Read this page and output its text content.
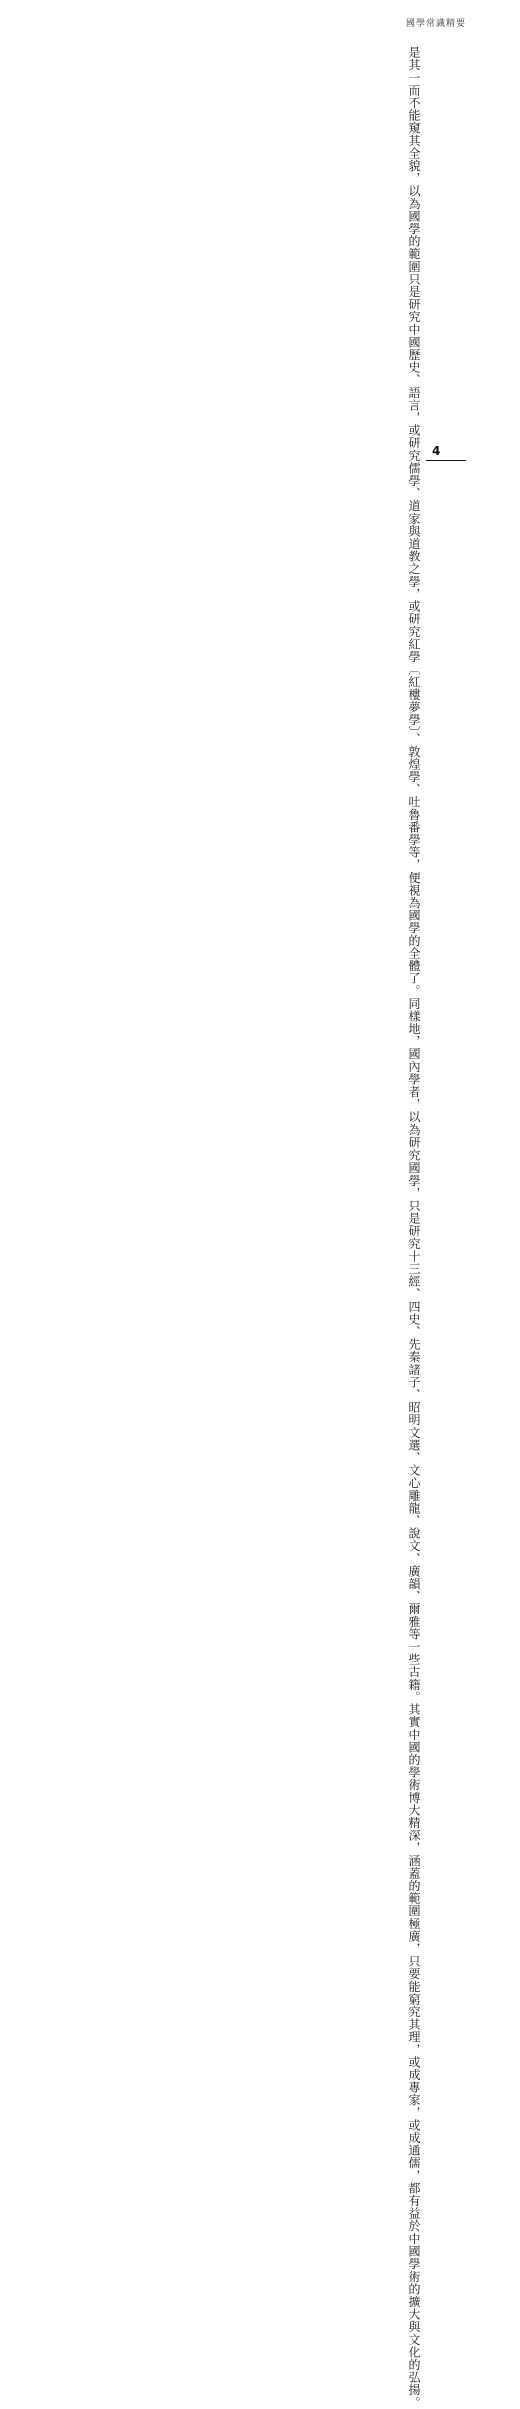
國學常識精要
是其一而不能窺其全貌，以為國學的範圍只是研究中國歷史、語言，或研究儒學、道家與道教之學，
或研究紅學〔紅樓夢學〕、敦煌學、吐魯番學等，便視為國學的全體了。同樣地，國內學者，以為研
究國學，只是研究十三經、四史、先秦諸子、昭明文選、文心雕龍、說文、廣韻、爾雅等一些古籍。
其實中國的學術博大精深，涵蓋的範圍極廣，只要能窮究其理，或成專家，或成通儒，都有益於中
國學術的擴大與文化的弘揚。
4
